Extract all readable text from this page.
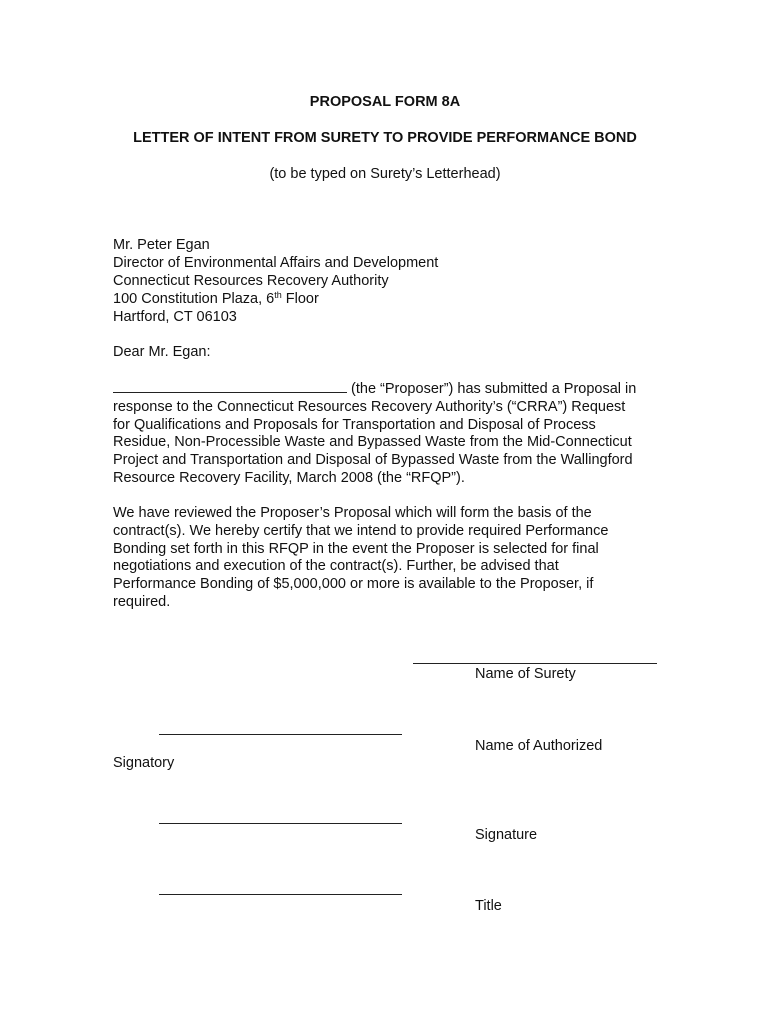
PROPOSAL FORM 8A
LETTER OF INTENT FROM SURETY TO PROVIDE PERFORMANCE BOND
(to be typed on Surety’s Letterhead)
Mr. Peter Egan
Director of Environmental Affairs and Development
Connecticut Resources Recovery Authority
100 Constitution Plaza, 6th Floor
Hartford, CT 06103
Dear Mr. Egan:
(the “Proposer”) has submitted a Proposal in
response to the Connecticut Resources Recovery Authority’s (“CRRA”) Request
for Qualifications and Proposals for Transportation and Disposal of Process
Residue, Non-Processible Waste and Bypassed Waste from the Mid-Connecticut
Project and Transportation and Disposal of Bypassed Waste from the Wallingford
Resource Recovery Facility, March 2008 (the “RFQP”).
We have reviewed the Proposer’s Proposal which will form the basis of the
contract(s). We hereby certify that we intend to provide required Performance
Bonding set forth in this RFQP in the event the Proposer is selected for final
negotiations and execution of the contract(s). Further, be advised that
Performance Bonding of $5,000,000 or more is available to the Proposer, if
required.
Name of Surety
Name of Authorized
Signatory
Signature
Title
